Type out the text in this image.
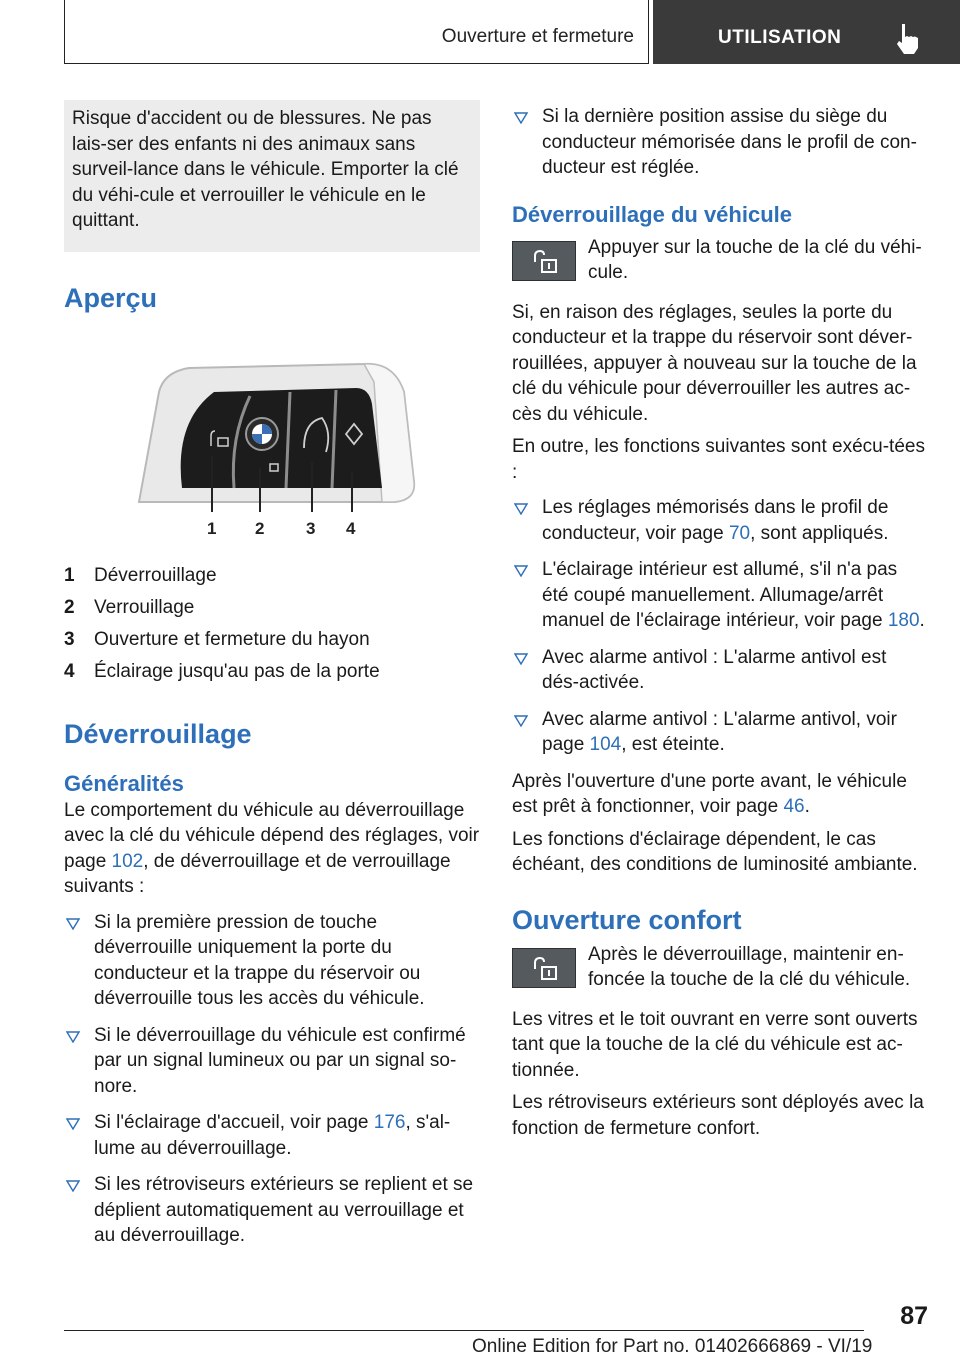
Ouverture et fermeture	UTILISATION
Risque d'accident ou de blessures. Ne pas lais-ser des enfants ni des animaux sans surveil-lance dans le véhicule. Emporter la clé du véhi-cule et verrouiller le véhicule en le quittant.
Aperçu
1 2 3 4
1	Déverrouillage
2	Verrouillage
3	Ouverture et fermeture du hayon
4	Éclairage jusqu'au pas de la porte
Déverrouillage
Généralités

Le comportement du véhicule au déverrouillage avec la clé du véhicule dépend des réglages, voir page 102, de déverrouillage et de verrouillage suivants :

Si la première pression de touche déverrouille uniquement la porte du conducteur et la trappe du réservoir ou déverrouille tous les accès du véhicule.
Si le déverrouillage du véhicule est confirmé par un signal lumineux ou par un signal so-nore.
Si l'éclairage d'accueil, voir page 176, s'al-lume au déverrouillage.
Si les rétroviseurs extérieurs se replient et se déplient automatiquement au verrouillage et au déverrouillage.
Si la dernière position assise du siège du conducteur mémorisée dans le profil de con-ducteur est réglée.
Déverrouillage du véhicule
Appuyer sur la touche de la clé du véhi-cule.

Si, en raison des réglages, seules la porte du conducteur et la trappe du réservoir sont déver-rouillées, appuyer à nouveau sur la touche de la clé du véhicule pour déverrouiller les autres ac-cès du véhicule.

En outre, les fonctions suivantes sont exécu-tées :

Les réglages mémorisés dans le profil de conducteur, voir page 70, sont appliqués.
L'éclairage intérieur est allumé, s'il n'a pas été coupé manuellement. Allumage/arrêt manuel de l'éclairage intérieur, voir page 180.
Avec alarme antivol : L'alarme antivol est dés-activée.
Avec alarme antivol : L'alarme antivol, voir page 104, est éteinte.

Après l'ouverture d'une porte avant, le véhicule est prêt à fonctionner, voir page 46.

Les fonctions d'éclairage dépendent, le cas échéant, des conditions de luminosité ambiante.

Ouverture confort
Après le déverrouillage, maintenir en-foncée la touche de la clé du véhicule.

Les vitres et le toit ouvrant en verre sont ouverts tant que la touche de la clé du véhicule est ac-tionnée.

Les rétroviseurs extérieurs sont déployés avec la fonction de fermeture confort.

87
Online Edition for Part no. 01402666869 - VI/19
